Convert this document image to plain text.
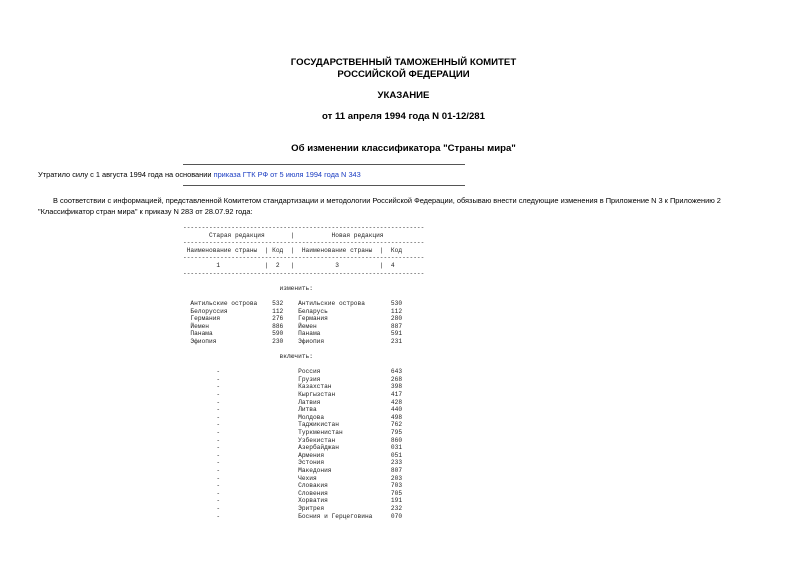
ГОСУДАРСТВЕННЫЙ ТАМОЖЕННЫЙ КОМИТЕТ
РОССИЙСКОЙ ФЕДЕРАЦИИ
УКАЗАНИЕ
от 11 апреля 1994 года N 01-12/281
Об изменении классификатора "Страны мира"
Утратило силу с 1 августа 1994 года на основании приказа ГТК РФ от 5 июля 1994 года N 343
В соответствии с информацией, представленной Комитетом стандартизации и методологии Российской Федерации, обязываю внести следующие изменения в Приложение N 3 к Приложению 2 "Классификатор стран мира" к приказу N 283 от 28.07.92 года:
-----------------------------------------------------------------
Старая редакция       |          Новая редакция
-----------------------------------------------------------------
Наименование страны  | Код  |  Наименование страны  |  Код
-----------------------------------------------------------------
1            |  2   |           3           |  4
-----------------------------------------------------------------

изменить:

Антильские острова    532    Антильские острова       530
Белоруссия            112    Беларусь                 112
Германия              276    Германия                 280
Йемен                 886    Йемен                    887
Панама                590    Панама                   591
Эфиопия               230    Эфиопия                  231

включить:

-                     Россия                   643
-                     Грузия                   268
-                     Казахстан                398
-                     Кыргызстан               417
-                     Латвия                   428
-                     Литва                    440
-                     Молдова                  498
-                     Таджикистан              762
-                     Туркменистан             795
-                     Узбекистан               860
-                     Азербайджан              031
-                     Армения                  051
-                     Эстония                  233
-                     Македония                807
-                     Чехия                    203
-                     Словакия                 703
-                     Словения                 705
-                     Хорватия                 191
-                     Эритрея                  232
-                     Босния и Герцеговина     070
